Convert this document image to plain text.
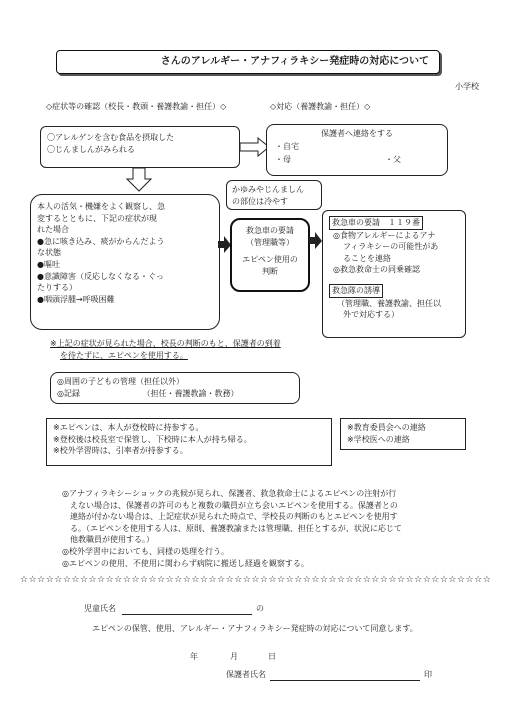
さんのアレルギー・アナフィラキシー発症時の対応について
小学校
◇症状等の確認（校長・教頭・養護教諭・担任）◇	◇対応（養護教諭・担任）◇
〇アレルゲンを含む食品を摂取した
〇じんましんがみられる
保護者へ連絡をする
・自宅
・母	・父
かゆみやじんましん
の部位は冷やす
本人の活気・機嫌をよく観察し、急
変するとともに、下記の症状が現
れた場合
●急に咳き込み、痰がからんだよう
な状態
●嘔吐
●意識障害（反応しなくなる・ぐっ
たりする）
●咽頭浮腫→呼吸困難
救急車の要請
（管理職等）
エピペン使用の
判断
救急車の要請　１１９番
◎食物アレルギーによるアナ
フィラキシーの可能性があ
ることを連絡
◎救急救命士の同乗確認
救急隊の誘導
（管理職、養護教諭、担任以
外で対応する）
※上記の症状が見られた場合、校長の判断のもと、保護者の到着
を待たずに、エピペンを使用する。
◎周囲の子どもの管理（担任以外）
◎記録	（担任・養護教諭・教務）
※エピペンは、本人が登校時に持参する。
※登校後は校長室で保管し、下校時に本人が持ち帰る。
※校外学習時は、引率者が持参する。
※教育委員会への連絡
※学校医への連絡
◎アナフィラキシーショックの兆候が見られ、保護者、救急救命士によるエピペンの注射が行
　えない場合は、保護者の許可のもと複数の職員が立ち会いエピペンを使用する。保護者との
　連絡が付かない場合は、上記症状が見られた時点で、学校長の判断のもとエピペンを使用す
　る。（エピペンを使用する人は、原則、養護教諭または管理職、担任とするが、状況に応じて
　他教職員が使用する。）
◎校外学習中においても、同様の処理を行う。
◎エピペンの使用、不使用に関わらず病院に搬送し経過を観察する。
☆☆☆☆☆☆☆☆☆☆☆☆☆☆☆☆☆☆☆☆☆☆☆☆☆☆☆☆☆☆☆☆☆☆☆☆☆☆☆☆☆☆☆☆☆☆☆☆☆☆☆☆☆☆☆
児童氏名	の
エピペンの保管、使用、アレルギー・アナフィラキシー発症時の対応について同意します。
年	月	日
保護者氏名	印
